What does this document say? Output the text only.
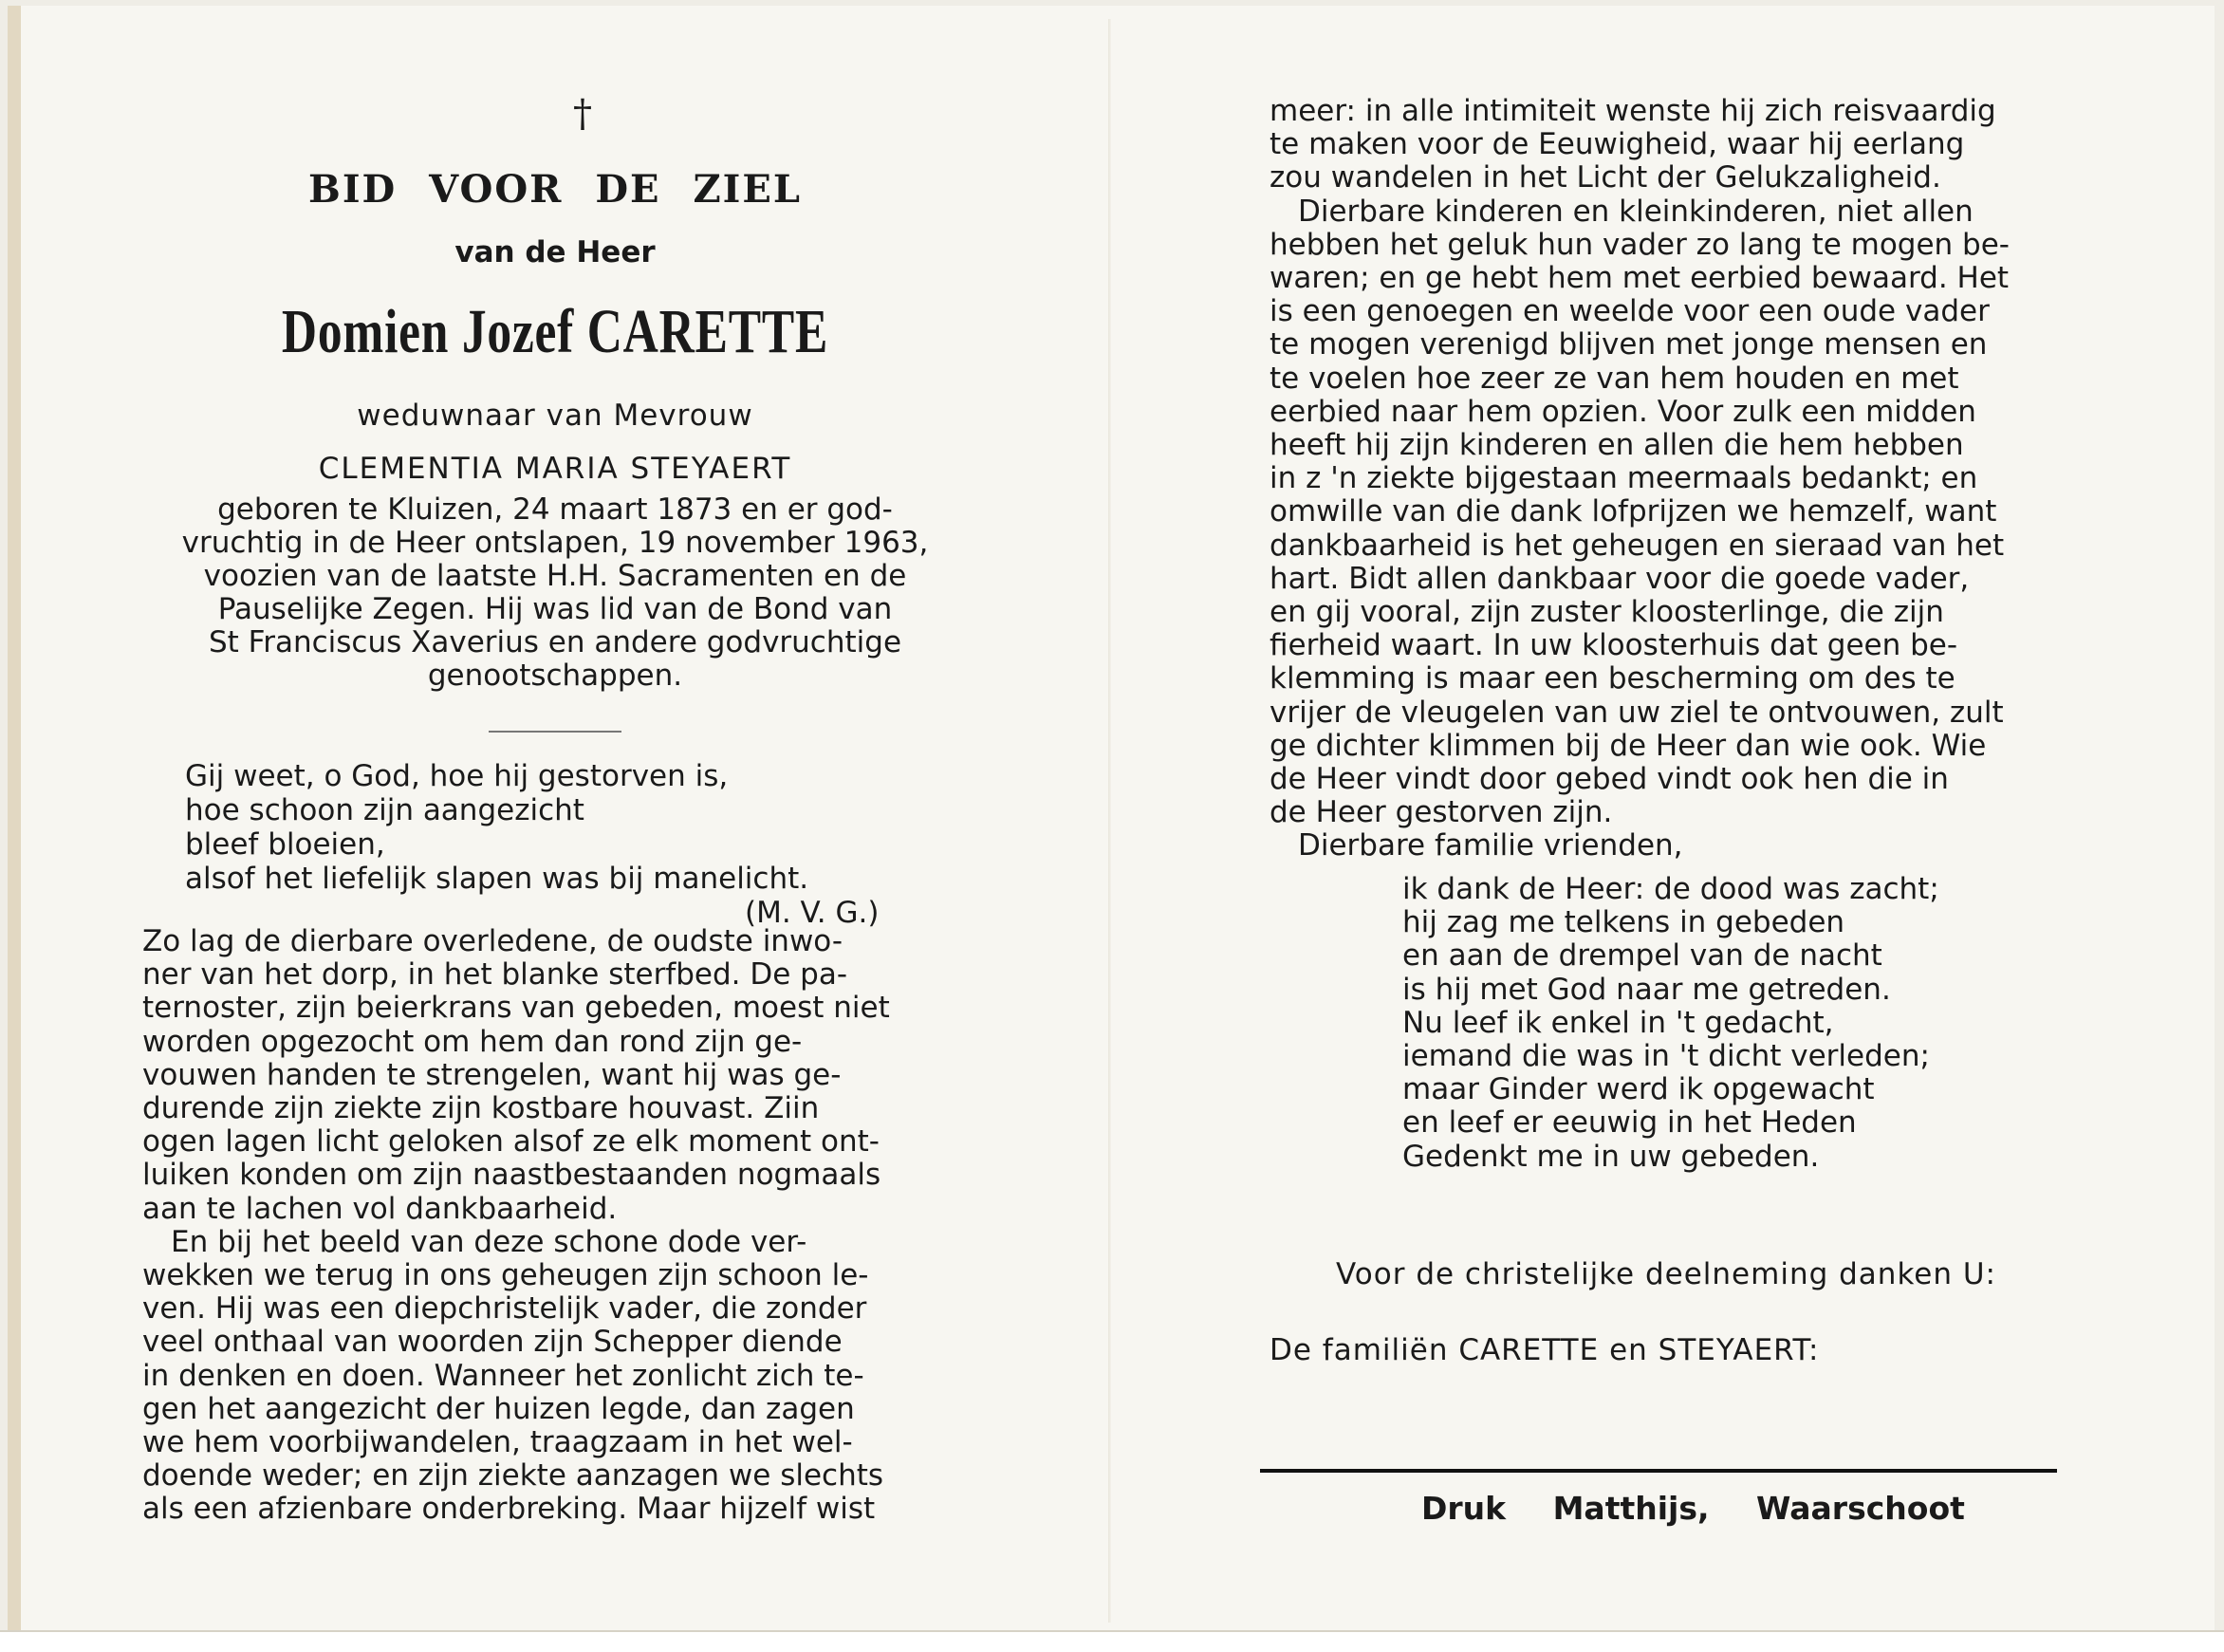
†
BID VOOR DE ZIEL
van de Heer
Domien Jozef CARETTE
weduwnaar van Mevrouw
CLEMENTIA MARIA STEYAERT
geboren te Kluizen, 24 maart 1873 en er god-
vruchtig in de Heer ontslapen, 19 november 1963,
voozien van de laatste H.H. Sacramenten en de
Pauselijke Zegen. Hij was lid van de Bond van
St Franciscus Xaverius en andere godvruchtige
genootschappen.
Gij weet, o God, hoe hij gestorven is,
hoe schoon zijn aangezicht
bleef bloeien,
alsof het liefelijk slapen was bij manelicht.
(M. V. G.)
Zo lag de dierbare overledene, de oudste inwo-
ner van het dorp, in het blanke sterfbed. De pa-
ternoster, zijn beierkrans van gebeden, moest niet
worden opgezocht om hem dan rond zijn ge-
vouwen handen te strengelen, want hij was ge-
durende zijn ziekte zijn kostbare houvast. Ziin
ogen lagen licht geloken alsof ze elk moment ont-
luiken konden om zijn naastbestaanden nogmaals
aan te lachen vol dankbaarheid.
En bij het beeld van deze schone dode ver-
wekken we terug in ons geheugen zijn schoon le-
ven. Hij was een diepchristelijk vader, die zonder
veel onthaal van woorden zijn Schepper diende
in denken en doen. Wanneer het zonlicht zich te-
gen het aangezicht der huizen legde, dan zagen
we hem voorbijwandelen, traagzaam in het wel-
doende weder; en zijn ziekte aanzagen we slechts
als een afzienbare onderbreking. Maar hijzelf wist
meer: in alle intimiteit wenste hij zich reisvaardig
te maken voor de Eeuwigheid, waar hij eerlang
zou wandelen in het Licht der Gelukzaligheid.
Dierbare kinderen en kleinkinderen, niet allen
hebben het geluk hun vader zo lang te mogen be-
waren; en ge hebt hem met eerbied bewaard. Het
is een genoegen en weelde voor een oude vader
te mogen verenigd blijven met jonge mensen en
te voelen hoe zeer ze van hem houden en met
eerbied naar hem opzien. Voor zulk een midden
heeft hij zijn kinderen en allen die hem hebben
in z 'n ziekte bijgestaan meermaals bedankt; en
omwille van die dank lofprijzen we hemzelf, want
dankbaarheid is het geheugen en sieraad van het
hart. Bidt allen dankbaar voor die goede vader,
en gij vooral, zijn zuster kloosterlinge, die zijn
fierheid waart. In uw kloosterhuis dat geen be-
klemming is maar een bescherming om des te
vrijer de vleugelen van uw ziel te ontvouwen, zult
ge dichter klimmen bij de Heer dan wie ook. Wie
de Heer vindt door gebed vindt ook hen die in
de Heer gestorven zijn.
Dierbare familie vrienden,
ik dank de Heer: de dood was zacht;
hij zag me telkens in gebeden
en aan de drempel van de nacht
is hij met God naar me getreden.
Nu leef ik enkel in 't gedacht,
iemand die was in 't dicht verleden;
maar Ginder werd ik opgewacht
en leef er eeuwig in het Heden
Gedenkt me in uw gebeden.
Voor de christelijke deelneming danken U:
De familiën CARETTE en STEYAERT:
Druk Matthijs, Waarschoot
